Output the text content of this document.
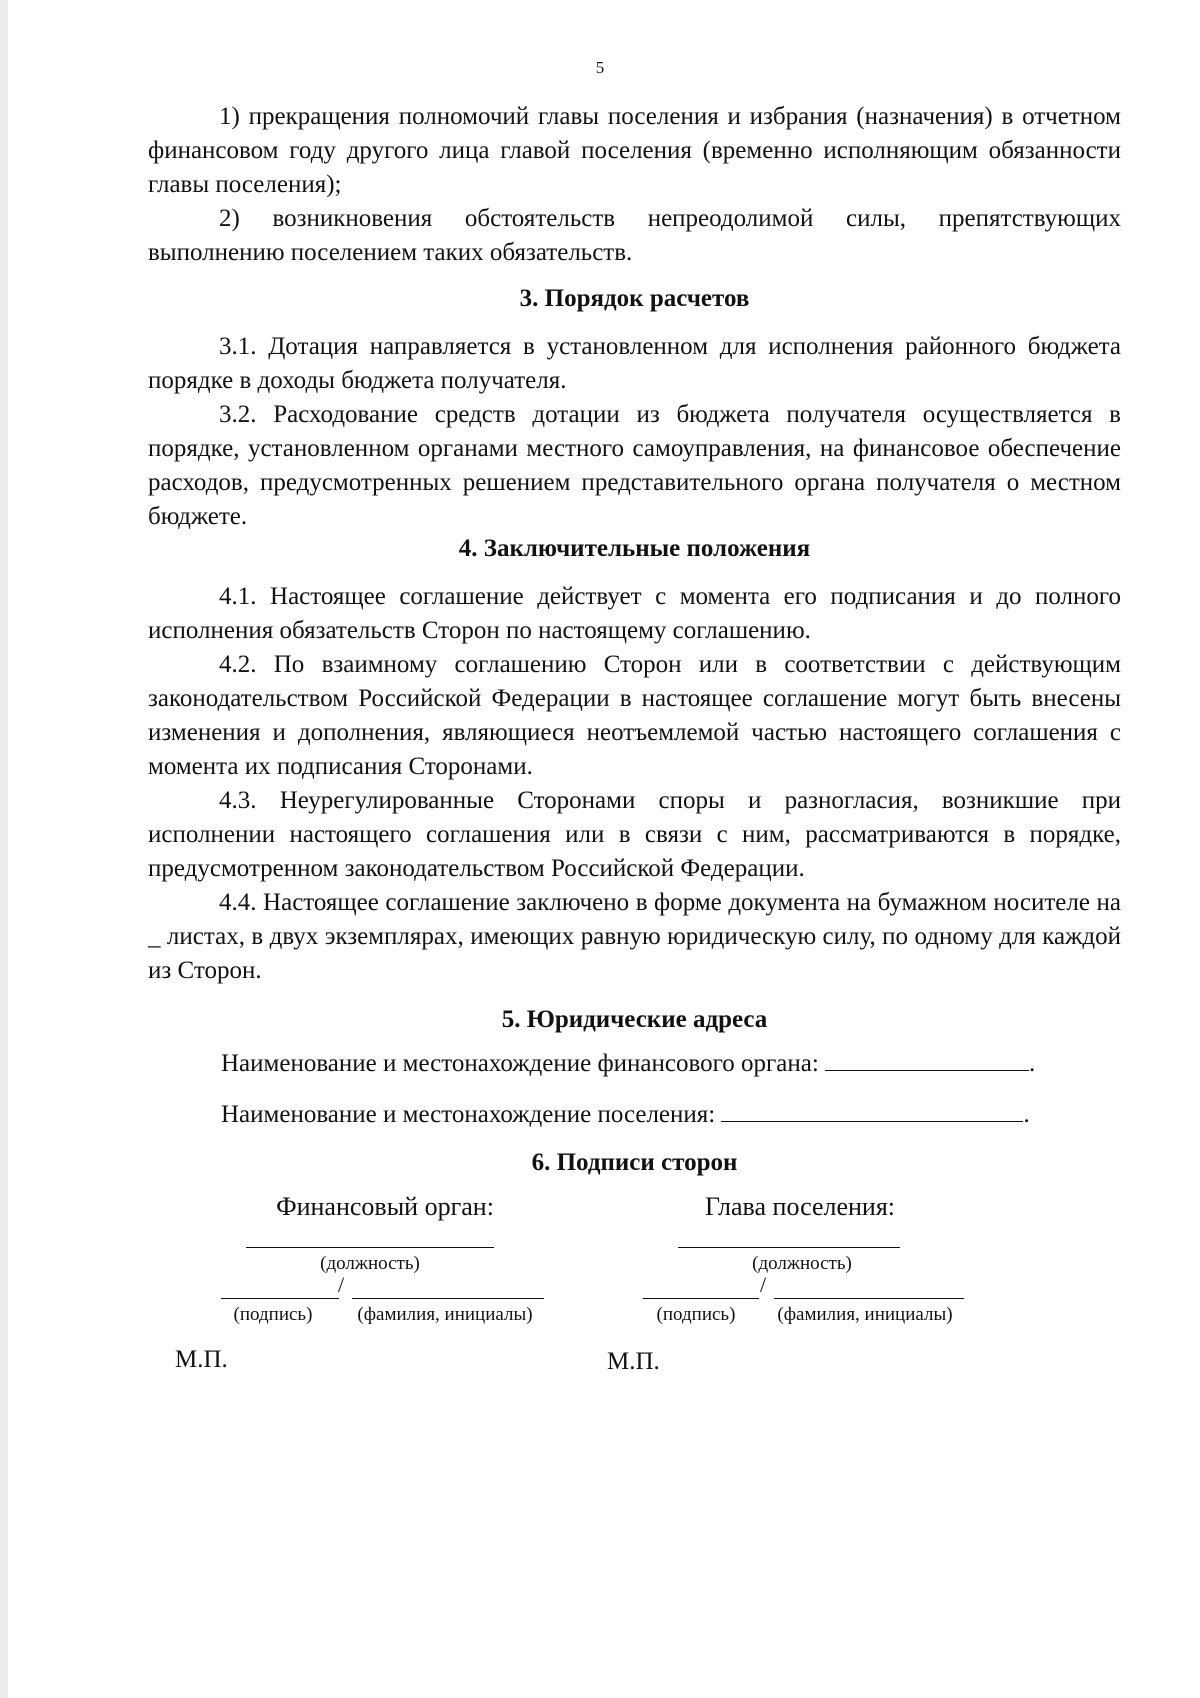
5

1) прекращения полномочий главы поселения и избрания (назначения) в отчетном финансовом году другого лица главой поселения (временно исполняющим обязанности главы поселения);

2) возникновения обстоятельств непреодолимой силы, препятствующих выполнению поселением таких обязательств.

3. Порядок расчетов

3.1. Дотация направляется в установленном для исполнения районного бюджета порядке в доходы бюджета получателя.

3.2. Расходование средств дотации из бюджета получателя осуществляется в порядке, установленном органами местного самоуправления, на финансовое обеспечение расходов, предусмотренных решением представительного органа получателя о местном бюджете.

4. Заключительные положения

4.1. Настоящее соглашение действует с момента его подписания и до полного исполнения обязательств Сторон по настоящему соглашению.

4.2. По взаимному соглашению Сторон или в соответствии с действующим законодательством Российской Федерации в настоящее соглашение могут быть внесены изменения и дополнения, являющиеся неотъемлемой частью настоящего соглашения с момента их подписания Сторонами.

4.3. Неурегулированные Сторонами споры и разногласия, возникшие при исполнении настоящего соглашения или в связи с ним, рассматриваются в порядке, предусмотренном законодательством Российской Федерации.

4.4. Настоящее соглашение заключено в форме документа на бумажном носителе на _ листах, в двух экземплярах, имеющих равную юридическую силу, по одному для каждой из Сторон.

5. Юридические адреса
Наименование и местонахождение финансового органа:	.
Наименование и местонахождение поселения:	.
6. Подписи сторон
Финансовый орган:
(должность)
/
(подпись)	(фамилия, инициалы)
М.П.
Глава поселения:
(должность)
/
(подпись)	(фамилия, инициалы)
М.П.
